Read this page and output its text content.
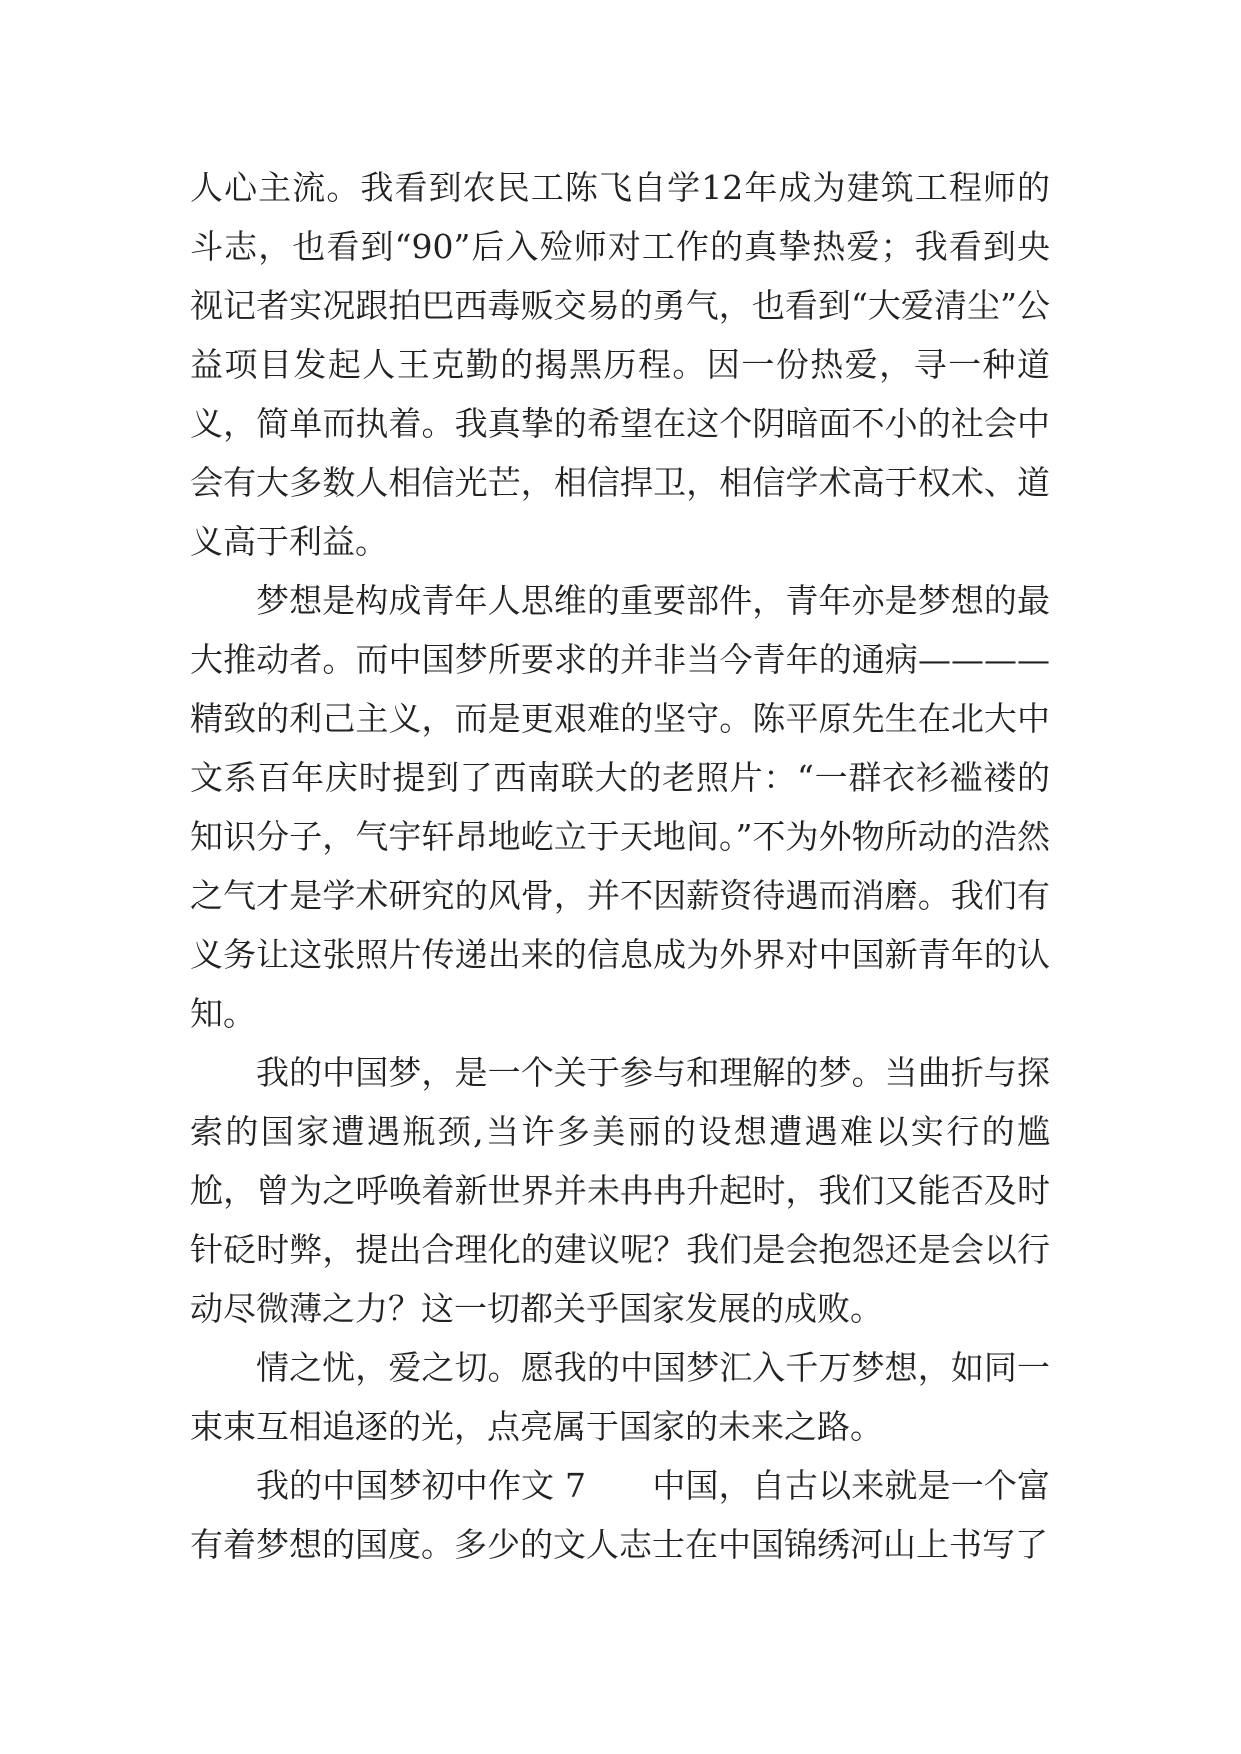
人心主流。我看到农民工陈飞自学12年成为建筑工程师的斗志，也看到“90”后入殓师对工作的真挚热爱；我看到央视记者实况跟拍巴西毒贩交易的勇气，也看到“大爱清尘”公益项目发起人王克勤的揭黑历程。因一份热爱，寻一种道义，简单而执着。我真挚的希望在这个阴暗面不小的社会中会有大多数人相信光芒，相信捍卫，相信学术高于权术、道义高于利益。

梦想是构成青年人思维的重要部件，青年亦是梦想的最大推动者。而中国梦所要求的并非当今青年的通病————精致的利己主义，而是更艰难的坚守。陈平原先生在北大中文系百年庆时提到了西南联大的老照片：“一群衣衫褴褛的知识分子，气宇轩昂地屹立于天地间。”不为外物所动的浩然之气才是学术研究的风骨，并不因薪资待遇而消磨。我们有义务让这张照片传递出来的信息成为外界对中国新青年的认知。

我的中国梦，是一个关于参与和理解的梦。当曲折与探索的国家遭遇瓶颈,当许多美丽的设想遭遇难以实行的尴尬，曾为之呼唤着新世界并未冉冉升起时，我们又能否及时针砭时弊，提出合理化的建议呢？我们是会抱怨还是会以行动尽微薄之力？这一切都关乎国家发展的成败。

情之忧，爱之切。愿我的中国梦汇入千万梦想，如同一束束互相追逐的光，点亮属于国家的未来之路。

我的中国梦初中作文 7　　中国，自古以来就是一个富有着梦想的国度。多少的文人志士在中国锦绣河山上书写了
